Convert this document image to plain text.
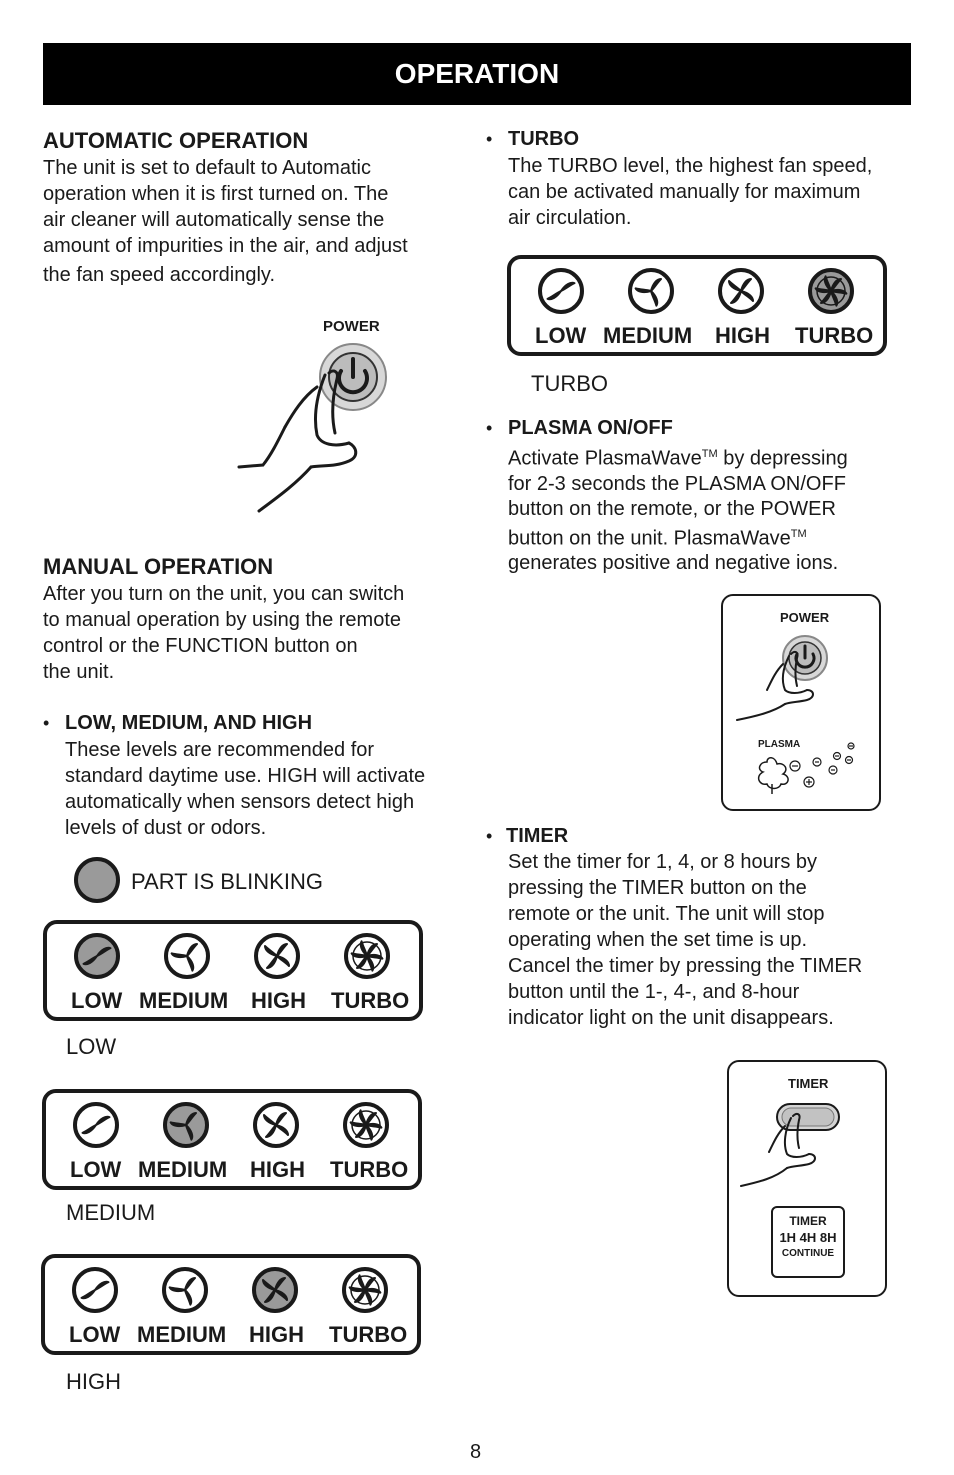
OPERATION
AUTOMATIC OPERATION
The unit is set to default to Automatic
operation when it is first turned on. The
air cleaner will automatically sense the
amount of impurities in the air, and adjust
the fan speed accordingly.
POWER
MANUAL OPERATION
After you turn on the unit, you can switch
to manual operation by using the remote
control or the FUNCTION button on
the unit.
• LOW, MEDIUM, AND HIGH
These levels are recommended for
standard daytime use. HIGH will activate
automatically when sensors detect high
levels of dust or odors.
PART IS BLINKING
LOW MEDIUM HIGH TURBO
LOW
LOW MEDIUM HIGH TURBO
MEDIUM
LOW MEDIUM HIGH TURBO
HIGH
• TURBO
The TURBO level, the highest fan speed,
can be activated manually for maximum
air circulation.
LOW MEDIUM HIGH TURBO
TURBO
• PLASMA ON/OFF
Activate PlasmaWave™ by depressing
for 2-3 seconds the PLASMA ON/OFF
button on the remote, or the POWER
button on the unit. PlasmaWave™
generates positive and negative ions.
POWER
PLASMA
• TIMER
Set the timer for 1, 4, or 8 hours by
pressing the TIMER button on the
remote or the unit. The unit will stop
operating when the set time is up.
Cancel the timer by pressing the TIMER
button until the 1-, 4-, and 8-hour
indicator light on the unit disappears.
TIMER
TIMER
1H 4H 8H
CONTINUE
8
